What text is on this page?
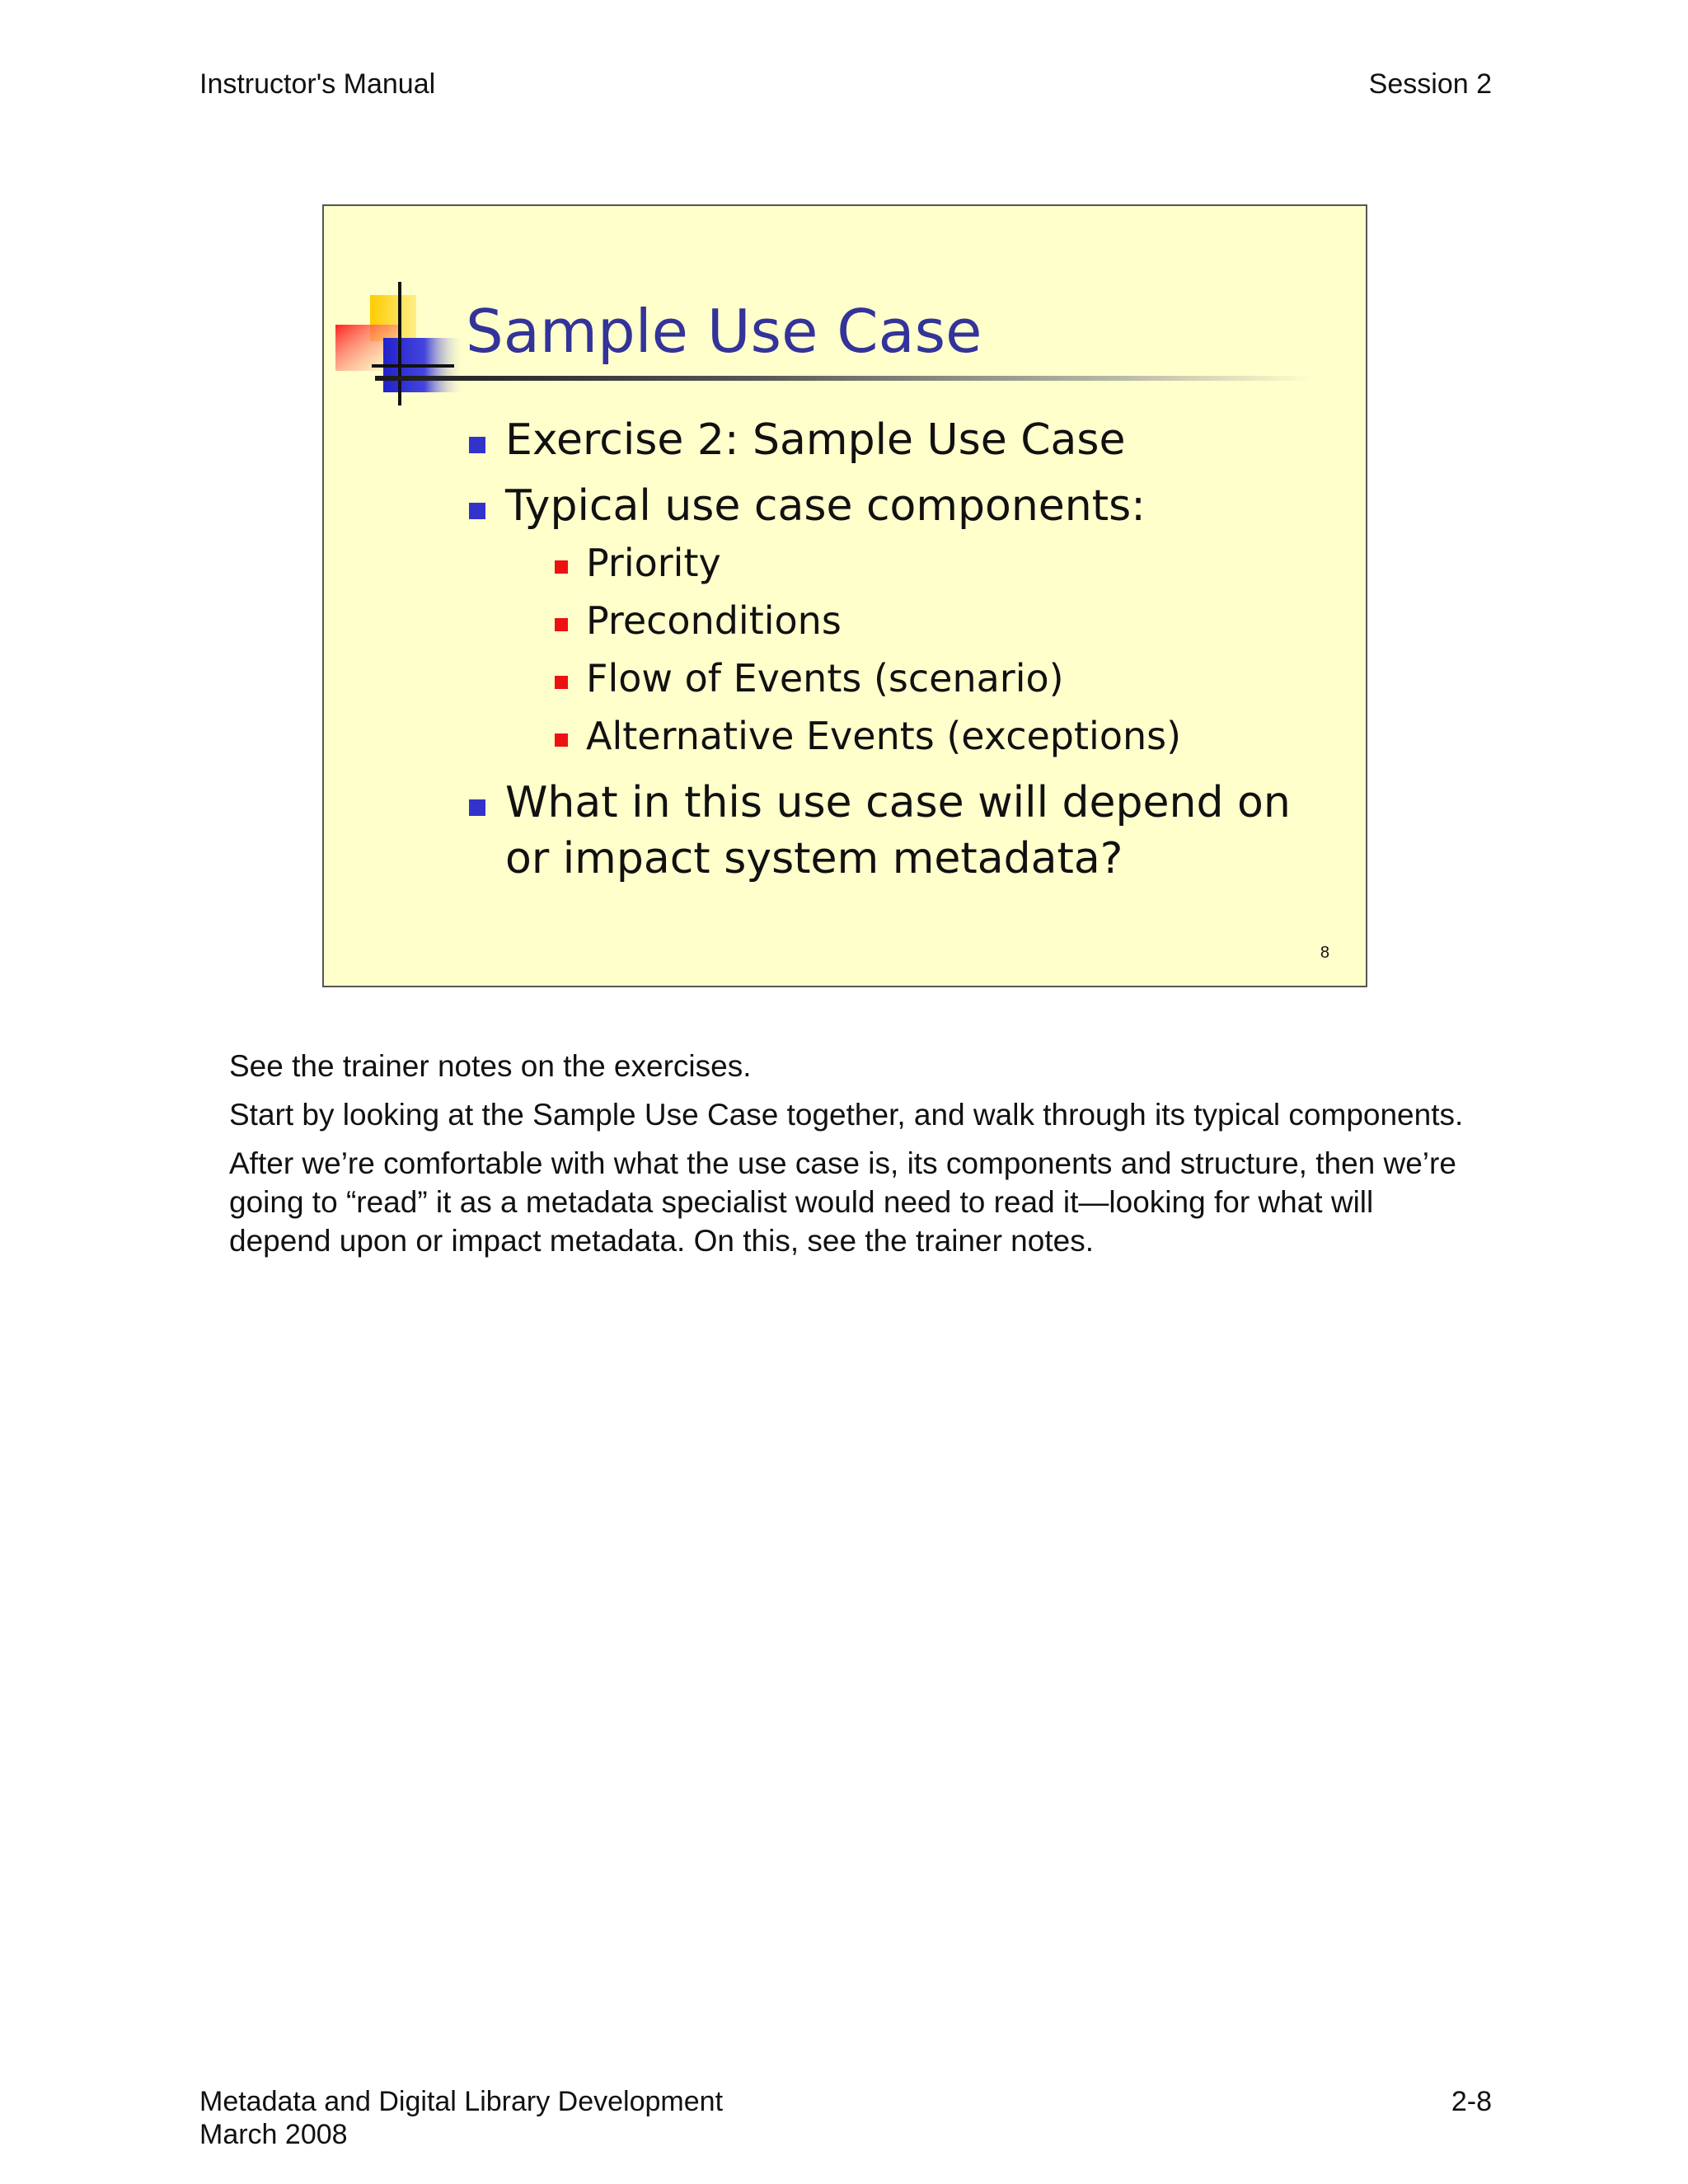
Instructor's Manual	Session 2
Sample Use Case
Exercise 2: Sample Use Case
Typical use case components:
Priority
Preconditions
Flow of Events (scenario)
Alternative Events (exceptions)
What in this use case will depend on or impact system metadata?
8

See the trainer notes on the exercises.

Start by looking at the Sample Use Case together, and walk through its typical components.

After we’re comfortable with what the use case is, its components and structure, then we’re going to “read” it as a metadata specialist would need to read it—looking for what will depend upon or impact metadata. On this, see the trainer notes.

Metadata and Digital Library Development
March 2008
2-8
